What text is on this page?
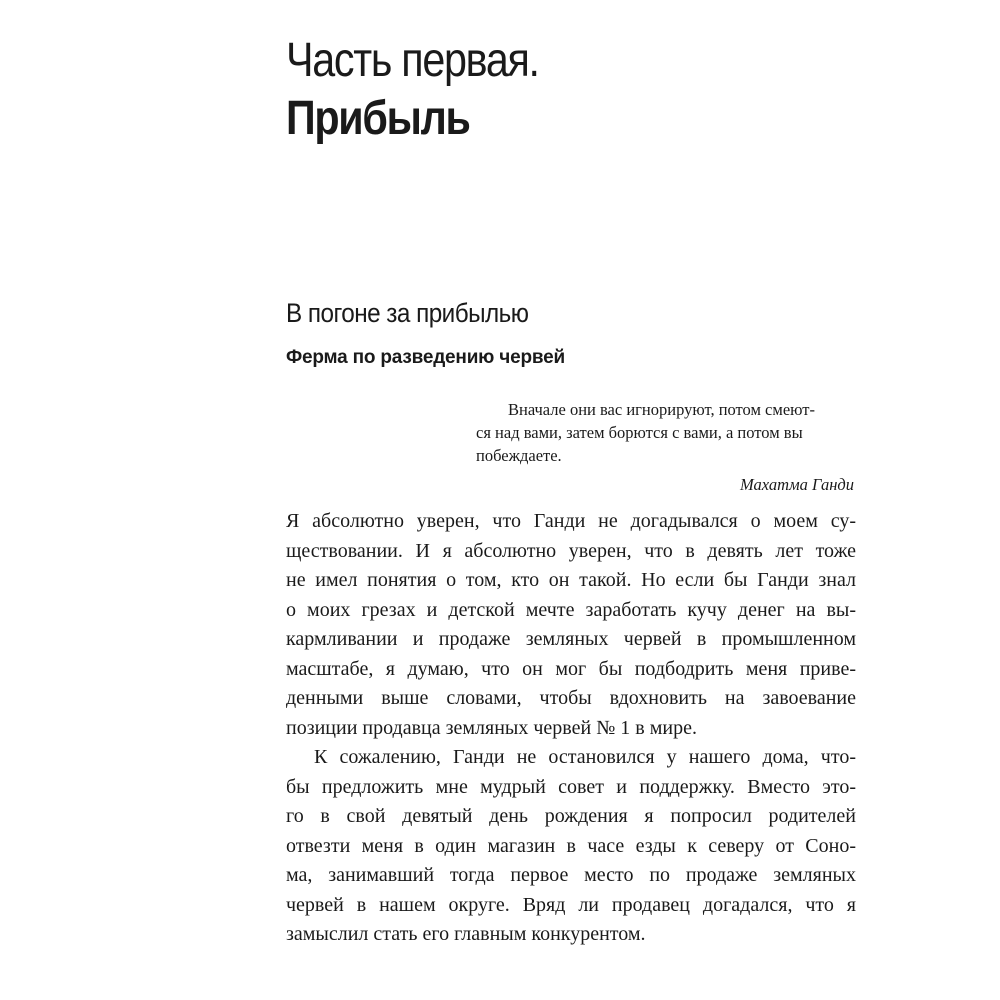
Часть первая.
Прибыль
В погоне за прибылью
Ферма по разведению червей
Вначале они вас игнорируют, потом смеют-
ся над вами, затем борются с вами, а потом вы
побеждаете.
Махатма Ганди
Я абсолютно уверен, что Ганди не догадывался о моем су-
ществовании. И я абсолютно уверен, что в девять лет тоже
не имел понятия о том, кто он такой. Но если бы Ганди знал
о моих грезах и детской мечте заработать кучу денег на вы-
кармливании и продаже земляных червей в промышленном
масштабе, я думаю, что он мог бы подбодрить меня приве-
денными выше словами, чтобы вдохновить на завоевание
позиции продавца земляных червей № 1 в мире.
К сожалению, Ганди не остановился у нашего дома, что-
бы предложить мне мудрый совет и поддержку. Вместо это-
го в свой девятый день рождения я попросил родителей
отвезти меня в один магазин в часе езды к северу от Соно-
ма, занимавший тогда первое место по продаже земляных
червей в нашем округе. Вряд ли продавец догадался, что я
замыслил стать его главным конкурентом.
